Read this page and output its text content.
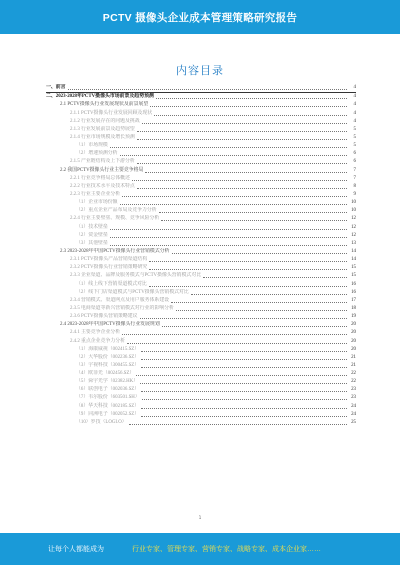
PCTV 摄像头企业成本管理策略研究报告
内容目录
一、前言	4
二、2023-2028年PCTV摄像头市场前景及趋势预测	4
2.1 PCTV摄像头行业发展现状及前景展望	4
2.1.1 PCTV摄像头行业发展回顾及现状	4
2.1.2 行业发展存在的问题及挑战	4
2.1.3 行业发展前景及趋势展望	5
2.1.4 行业市场规模及增长预测	5
（1）市场规模	5
（2）增速预测分析	6
2.1.5 产业链结构及上下游分析	6
2.2 我国PCTV摄像头行业主要竞争格局	7
2.2.1 行业竞争格局总体概述	7
2.2.2 行业技术水平及技术特点	8
2.2.3 行业主要企业分析	9
（1）企业市场份额	10
（2）重点企业产品布局及竞争力分析	10
2.2.4 行业主要壁垒、规模、竞争风险分析	12
（1）技术壁垒	12
（2）资金壁垒	12
（3）其他壁垒	13
2.3 2023-2028年中国PCTV摄像头行业营销模式分析	14
2.3.1 PCTV摄像头产品营销渠道结构	14
2.3.2 PCTV摄像头行业营销策略研究	15
2.3.3 企业渠道、品牌及服务模式与PCTV摄像头营销模式对比	15
（1）线上线下营销渠道模式对比	16
（2）线下门店渠道模式与PCTV摄像头营销模式对比	16
2.3.4 营销模式、渠道网点及用户服务体系建设	17
2.3.5 电商渠道等新兴营销模式对行业的影响分析	18
2.3.6 PCTV摄像头营销策略建议	19
2.4 2023-2028年中国PCTV摄像头行业发展规划	20
2.4.1 主要竞争企业分析	20
2.4.2 重点企业竞争力分析	20
（1）海康威视（002415.SZ）	20
（2）大华股份（002236.SZ）	21
（3）宇视科技（300455.SZ）	21
（4）欧菲光（002456.SZ）	22
（5）舜宇光学（02382.HK）	22
（6）联创电子（002036.SZ）	23
（7）韦尔股份（603501.SH）	23
（8）华天科技（002185.SZ）	24
（9）同洲电子（002052.SZ）	24
（10）罗技（LOGI.O）	25
1
让每个人都能成为	行业专家、管理专家、营销专家、战略专家、成本企业家……
